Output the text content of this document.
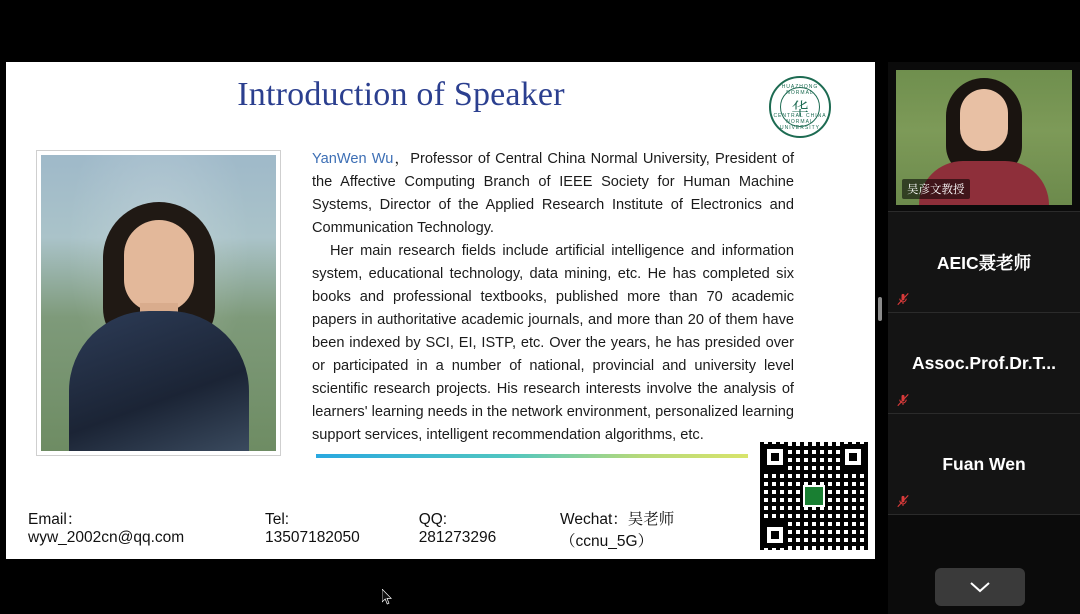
Introduction of Speaker	HUAZHONG NORMAL
华
CENTRAL CHINA NORMAL UNIVERSITY

YanWen Wu，Professor of Central China Normal University, President of the Affective Computing Branch of IEEE Society for Human Machine Systems, Director of the Applied Research Institute of Electronics and Communication Technology.

Her main research fields include artificial intelligence and information system, educational technology, data mining, etc. He has completed six books and professional textbooks, published more than 70 academic papers in authoritative academic journals, and more than 20 of them have been indexed by SCI, EI, ISTP, etc. Over the years, he has presided over or participated in a number of national, provincial and university level scientific research projects. His research interests involve the analysis of learners' learning needs in the network environment, personalized learning support services, intelligent recommendation algorithms, etc.

Email：wyw_2002cn@qq.com
Tel: 13507182050
QQ: 281273296
Wechat：吴老师（ccnu_5G）
吴彦文教授
AEIC聂老师
Assoc.Prof.Dr.T...
Fuan Wen
